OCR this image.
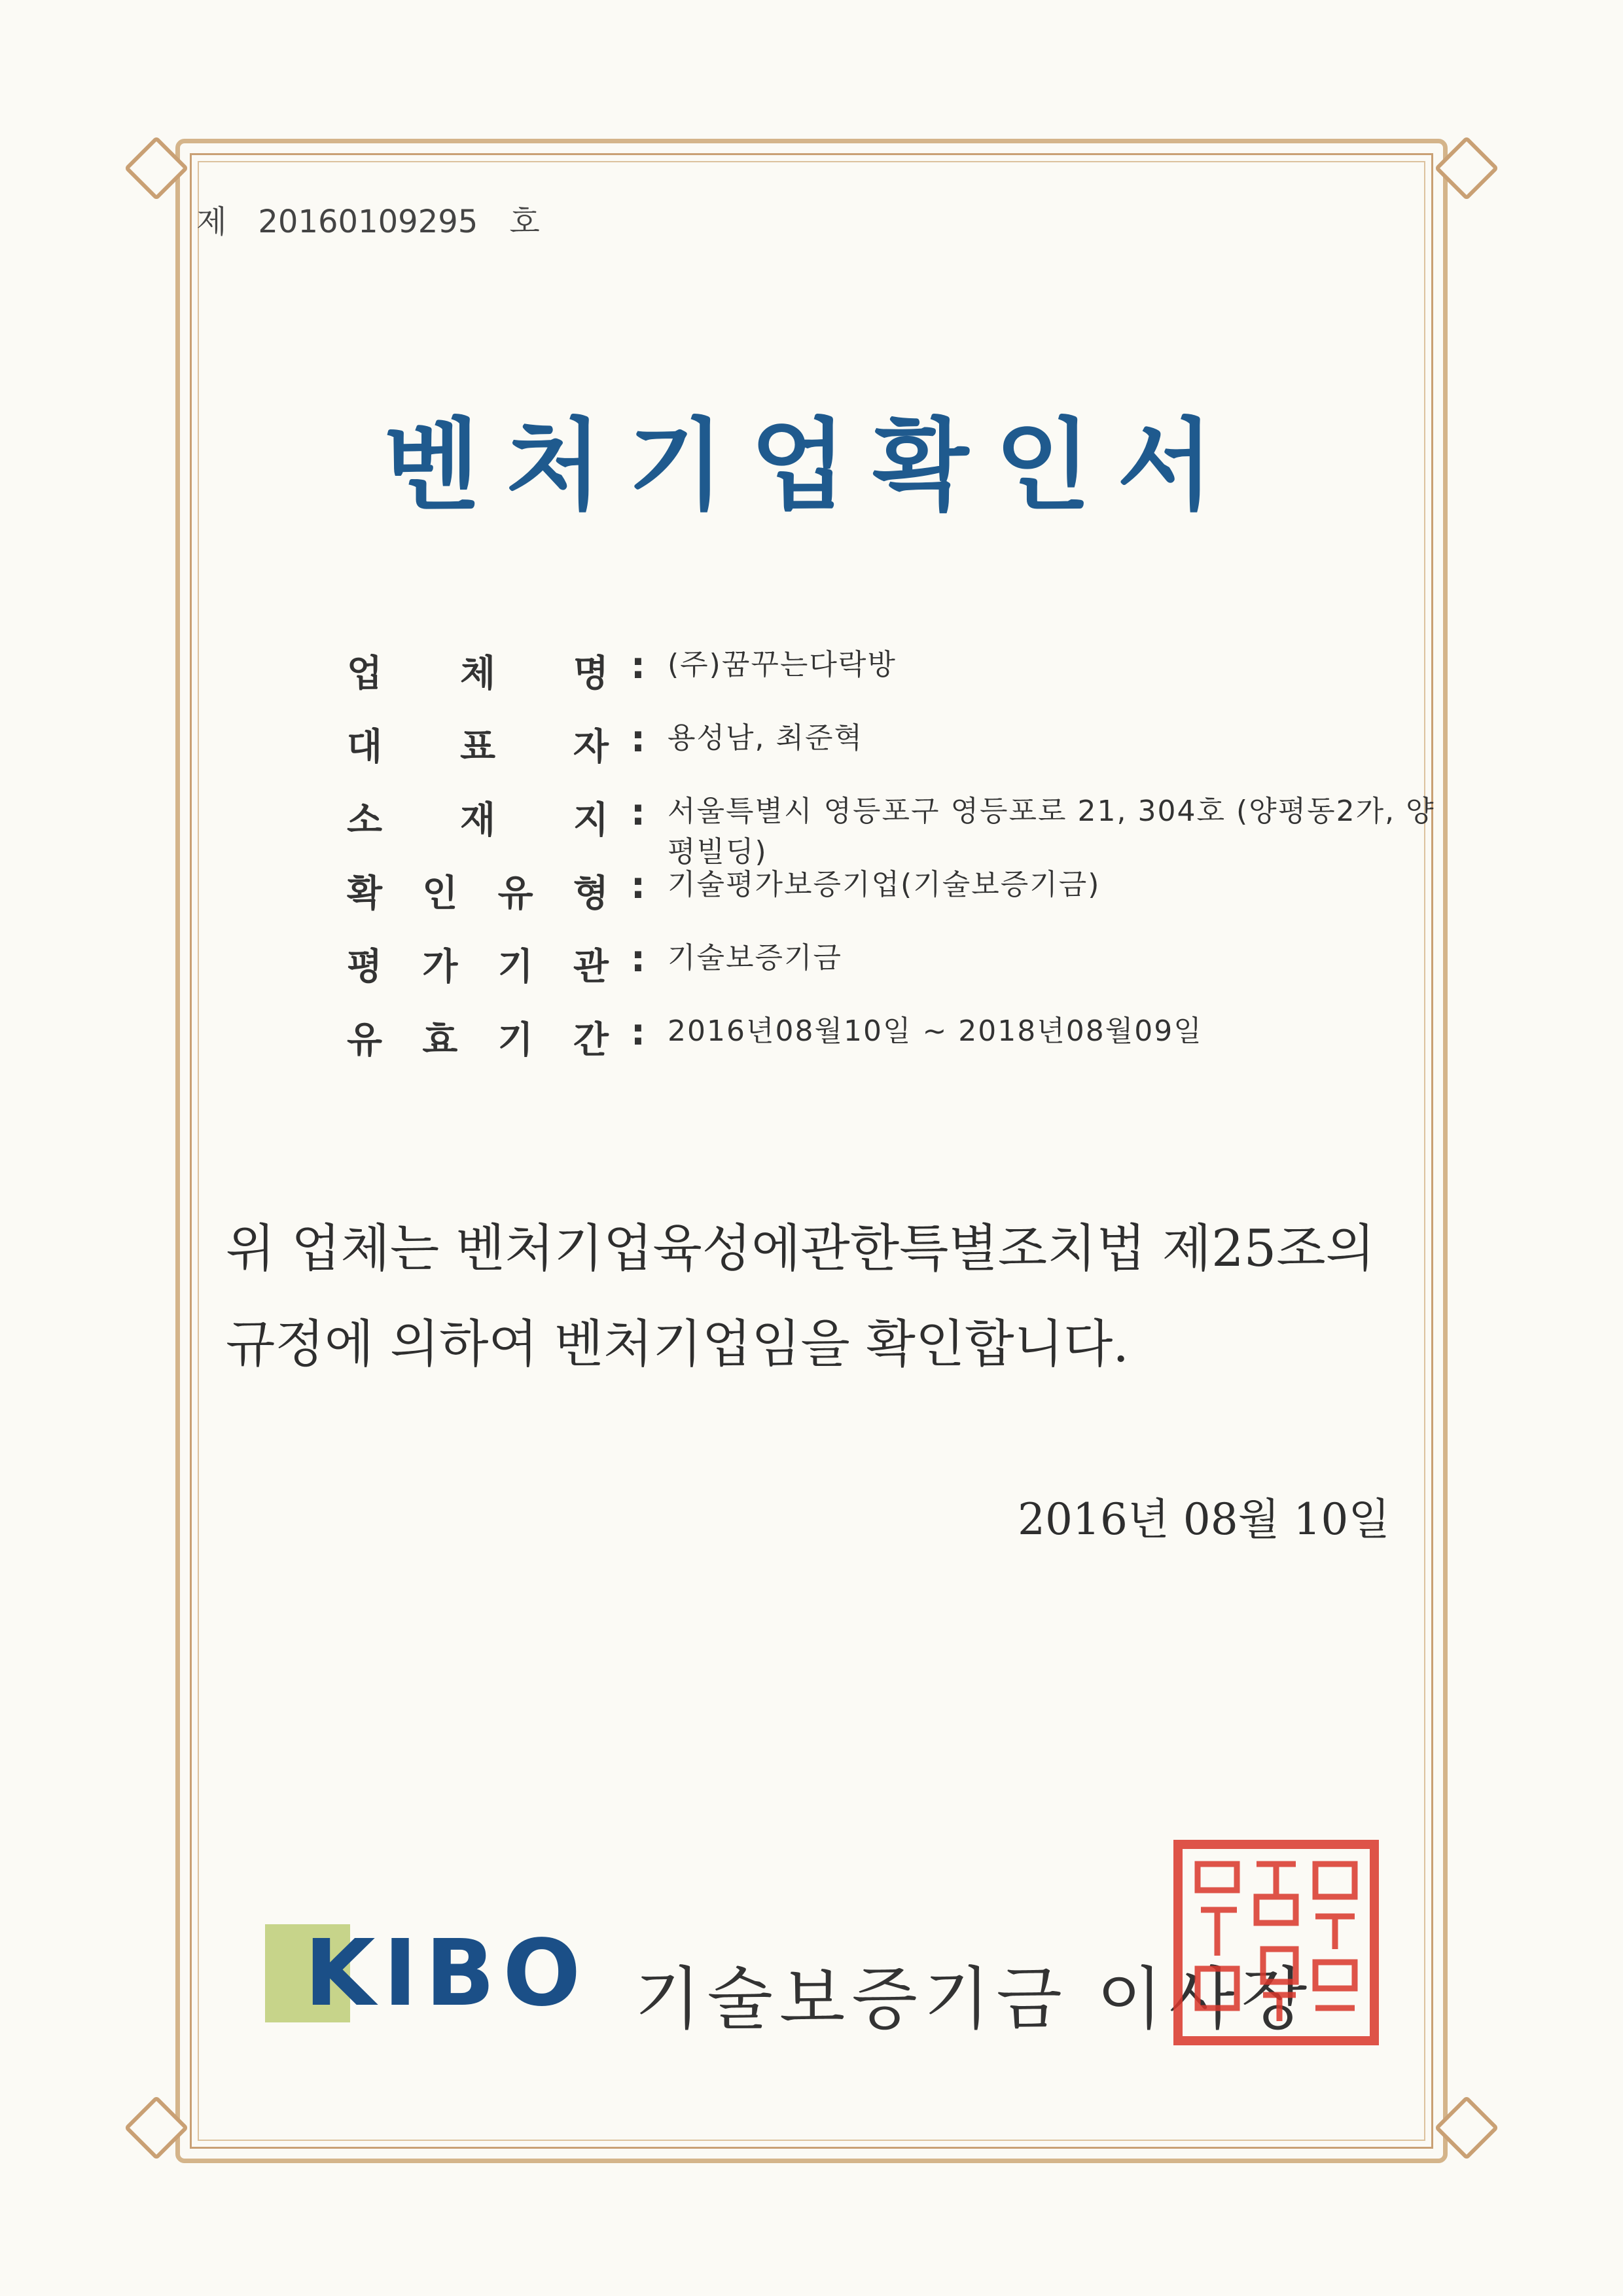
제 20160109295 호
벤처기업확인서
업 체 명 : (주)꿈꾸는다락방
대 표 자 : 용성남, 최준혁
소 재 지 : 서울특별시 영등포구 영등포로 21, 304호 (양평동2가, 양평빌딩)
확 인 유 형 : 기술평가보증기업(기술보증기금)
평 가 기 관 : 기술보증기금
유 효 기 간 : 2016년08월10일 ~ 2018년08월09일
위 업체는 벤처기업육성에관한특별조치법 제25조의
규정에 의하여 벤처기업임을 확인합니다.
2016년 08월 10일
KIBO 기술보증기금 이사장
